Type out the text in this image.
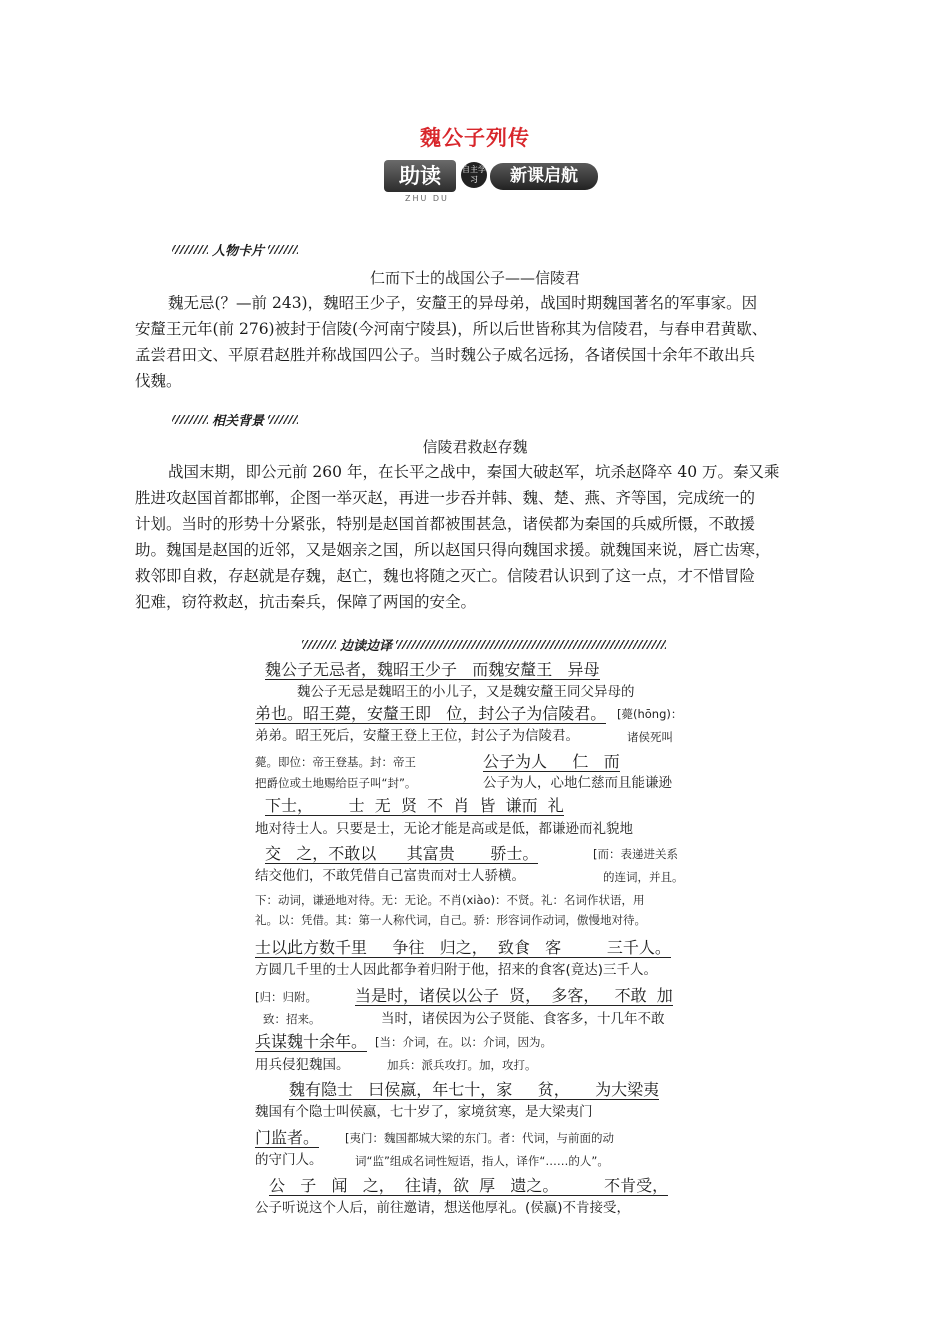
魏公子列传
助读
ZHU DU
自主学习	新课启航
人物卡片
仁而下士的战国公子——信陵君
魏无忌(？—前 243)，魏昭王少子，安釐王的异母弟，战国时期魏国著名的军事家。因
安釐王元年(前 276)被封于信陵(今河南宁陵县)，所以后世皆称其为信陵君，与春申君黄歇、
孟尝君田文、平原君赵胜并称战国四公子。当时魏公子威名远扬，各诸侯国十余年不敢出兵
伐魏。
相关背景
信陵君救赵存魏
战国末期，即公元前 260 年，在长平之战中，秦国大破赵军，坑杀赵降卒 40 万。秦又乘
胜进攻赵国首都邯郸，企图一举灭赵，再进一步吞并韩、魏、楚、燕、齐等国，完成统一的
计划。当时的形势十分紧张，特别是赵国首都被围甚急，诸侯都为秦国的兵威所慑，不敢援
助。魏国是赵国的近邻，又是姻亲之国，所以赵国只得向魏国求援。就魏国来说，唇亡齿寒，
救邻即自救，存赵就是存魏，赵亡，魏也将随之灭亡。信陵君认识到了这一点，才不惜冒险
犯难，窃符救赵，抗击秦兵，保障了两国的安全。
边读边译
魏公子无忌者，魏昭王少子   而魏安釐王   异母
魏公子无忌是魏昭王的小儿子，又是魏安釐王同父异母的
弟也。昭王薨，安釐王即   位，封公子为信陵君。 [薨(hōng)：
弟弟。昭王死后，安釐王登上王位，封公子为信陵君。	诸侯死叫
薨。即位：帝王登基。封：帝王	公子为人     仁   而
把爵位或土地赐给臣子叫“封”。	公子为人，心地仁慈而且能谦逊
下士，       士  无  贤  不  肖  皆  谦而  礼
地对待士人。只要是士，无论才能是高或是低，都谦逊而礼貌地
交   之，不敢以      其富贵       骄士。	[而：表递进关系
结交他们，不敢凭借自己富贵而对士人骄横。	的连词，并且。
下：动词，谦逊地对待。无：无论。不肖(xiào)：不贤。礼：名词作状语，用
礼。以：凭借。其：第一人称代词，自己。骄：形容词作动词，傲慢地对待。
士以此方数千里     争往   归之，  致食   客         三千人。
方圆几千里的士人因此都争着归附于他，招来的食客(竟达)三千人。
[归：归附。 当是时，诸侯以公子  贤，  多客，   不敢  加
致：招来。	当时，诸侯因为公子贤能、食客多，十几年不敢
兵谋魏十余年。 [当：介词，在。以：介词，因为。
用兵侵犯魏国。	加兵：派兵攻打。加，攻打。
魏有隐士   曰侯嬴，年七十，家     贫，     为大梁夷
魏国有个隐士叫侯嬴，七十岁了，家境贫寒，是大梁夷门
门监者。 [夷门：魏国都城大梁的东门。者：代词，与前面的动
的守门人。	词“监”组成名词性短语，指人，译作“……的人”。
公   子   闻   之，  往请，欲  厚   遗之。         不肯受，
公子听说这个人后，前往邀请，想送他厚礼。(侯嬴)不肯接受，
